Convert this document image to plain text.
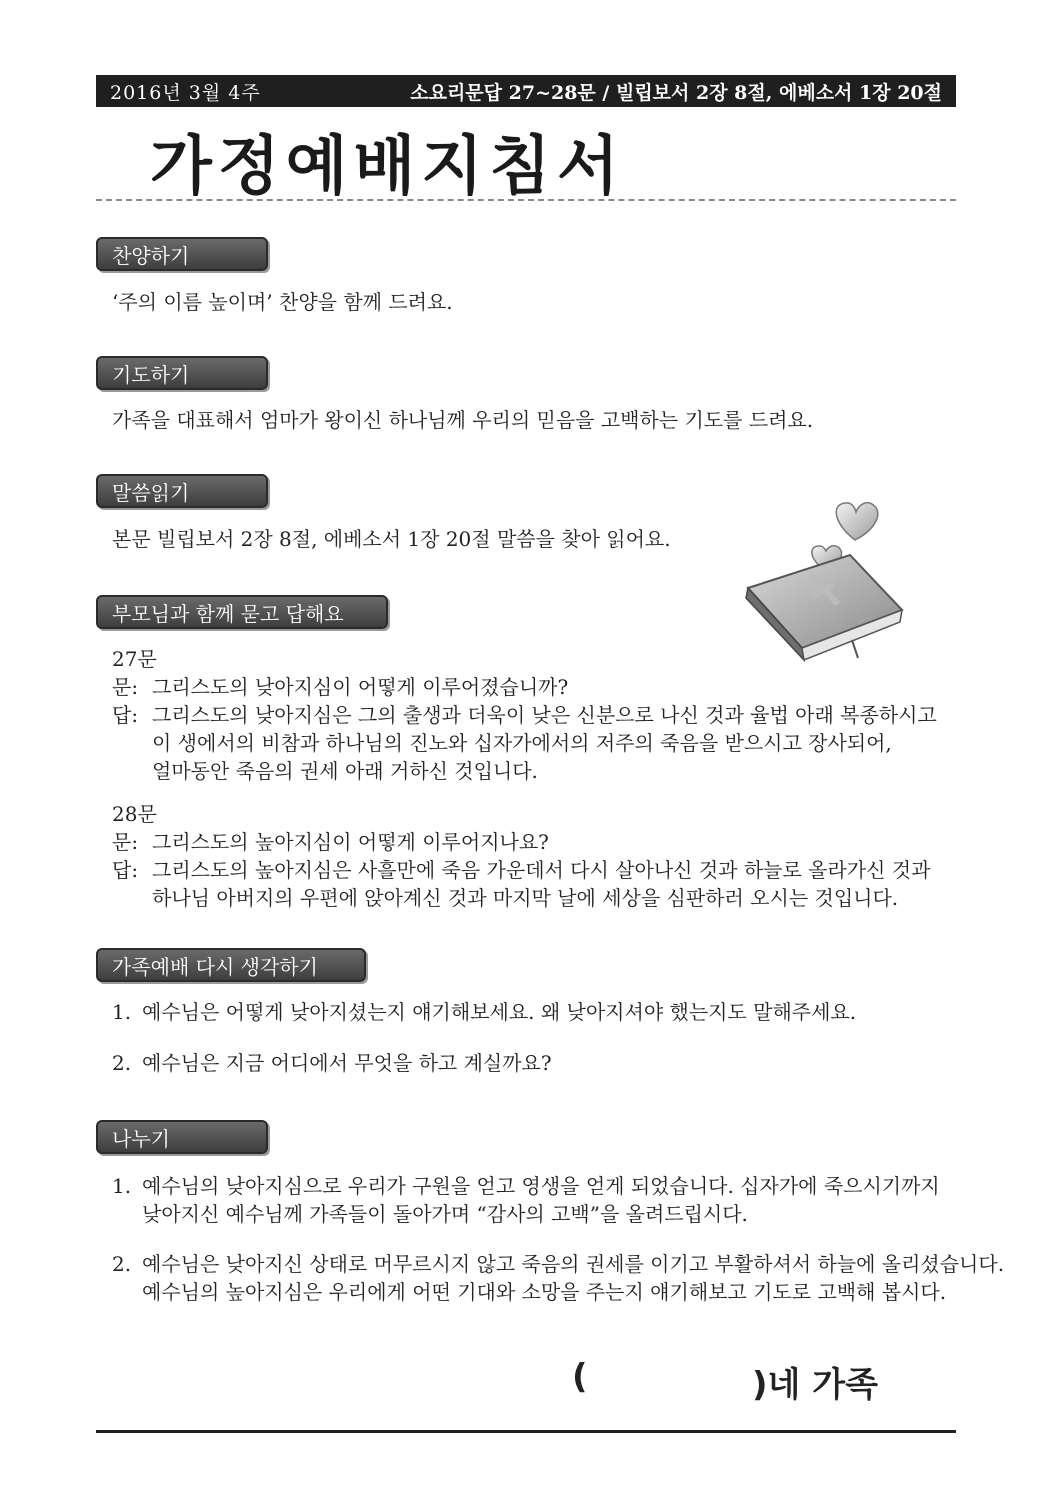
2016년 3월 4주	소요리문답 27~28문 / 빌립보서 2장 8절, 에베소서 1장 20절
가정예배지침서
찬양하기
‘주의 이름 높이며’ 찬양을 함께 드려요.
기도하기
가족을 대표해서 엄마가 왕이신 하나님께 우리의 믿음을 고백하는 기도를 드려요.
말씀읽기
본문 빌립보서 2장 8절, 에베소서 1장 20절 말씀을 찾아 읽어요.
부모님과 함께 묻고 답해요
27문
문: 그리스도의 낮아지심이 어떻게 이루어졌습니까?
답: 그리스도의 낮아지심은 그의 출생과 더욱이 낮은 신분으로 나신 것과 율법 아래 복종하시고
이 생에서의 비참과 하나님의 진노와 십자가에서의 저주의 죽음을 받으시고 장사되어,
얼마동안 죽음의 권세 아래 거하신 것입니다.
28문
문: 그리스도의 높아지심이 어떻게 이루어지나요?
답: 그리스도의 높아지심은 사흘만에 죽음 가운데서 다시 살아나신 것과 하늘로 올라가신 것과
하나님 아버지의 우편에 앉아계신 것과 마지막 날에 세상을 심판하러 오시는 것입니다.
가족예배 다시 생각하기
1. 예수님은 어떻게 낮아지셨는지 얘기해보세요. 왜 낮아지셔야 했는지도 말해주세요.
2. 예수님은 지금 어디에서 무엇을 하고 계실까요?
나누기
1. 예수님의 낮아지심으로 우리가 구원을 얻고 영생을 얻게 되었습니다. 십자가에 죽으시기까지
낮아지신 예수님께 가족들이 돌아가며 “감사의 고백”을 올려드립시다.
2. 예수님은 낮아지신 상태로 머무르시지 않고 죽음의 권세를 이기고 부활하셔서 하늘에 올리셨습니다.
예수님의 높아지심은 우리에게 어떤 기대와 소망을 주는지 얘기해보고 기도로 고백해 봅시다.
(	)네 가족
